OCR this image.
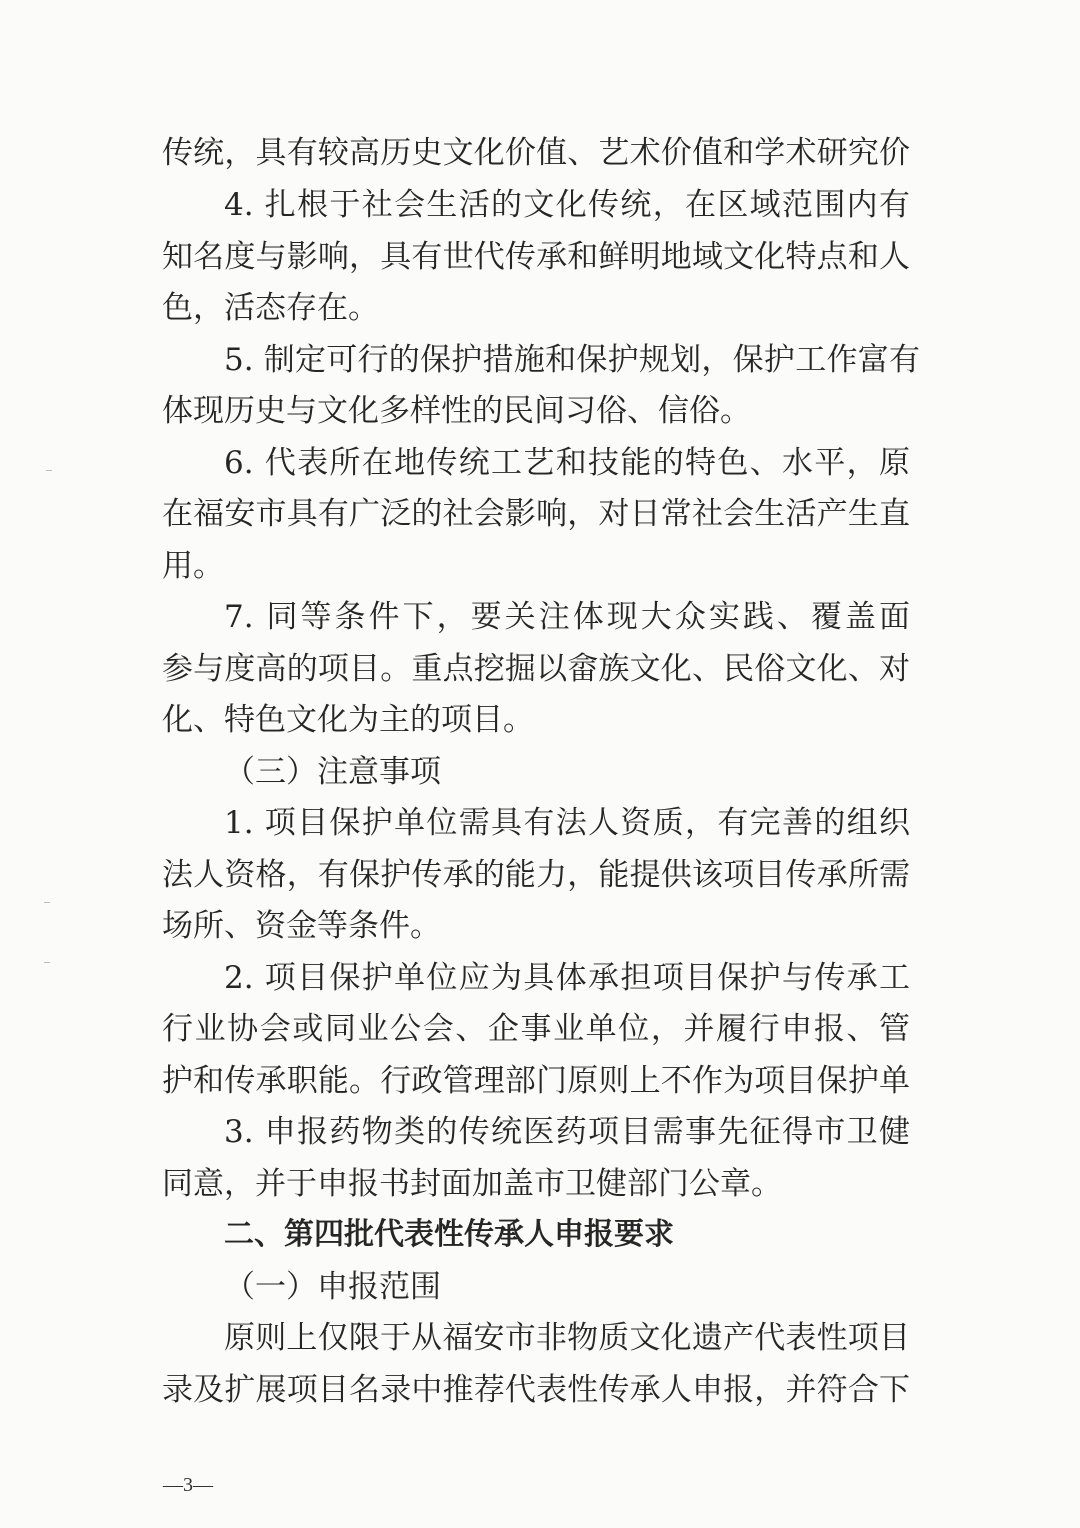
传统，具有较高历史文化价值、艺术价值和学术研究价
4. 扎根于社会生活的文化传统，在区域范围内有
知名度与影响，具有世代传承和鲜明地域文化特点和人
色，活态存在。
5. 制定可行的保护措施和保护规划，保护工作富有
体现历史与文化多样性的民间习俗、信俗。
6. 代表所在地传统工艺和技能的特色、水平，原
在福安市具有广泛的社会影响，对日常社会生活产生直
用。
7. 同等条件下，要关注体现大众实践、覆盖面
参与度高的项目。重点挖掘以畲族文化、民俗文化、对
化、特色文化为主的项目。
（三）注意事项
1. 项目保护单位需具有法人资质，有完善的组织
法人资格，有保护传承的能力，能提供该项目传承所需
场所、资金等条件。
2. 项目保护单位应为具体承担项目保护与传承工
行业协会或同业公会、企事业单位，并履行申报、管
护和传承职能。行政管理部门原则上不作为项目保护单
3. 申报药物类的传统医药项目需事先征得市卫健
同意，并于申报书封面加盖市卫健部门公章。
二、第四批代表性传承人申报要求
（一）申报范围
原则上仅限于从福安市非物质文化遗产代表性项目
录及扩展项目名录中推荐代表性传承人申报，并符合下
—3—
